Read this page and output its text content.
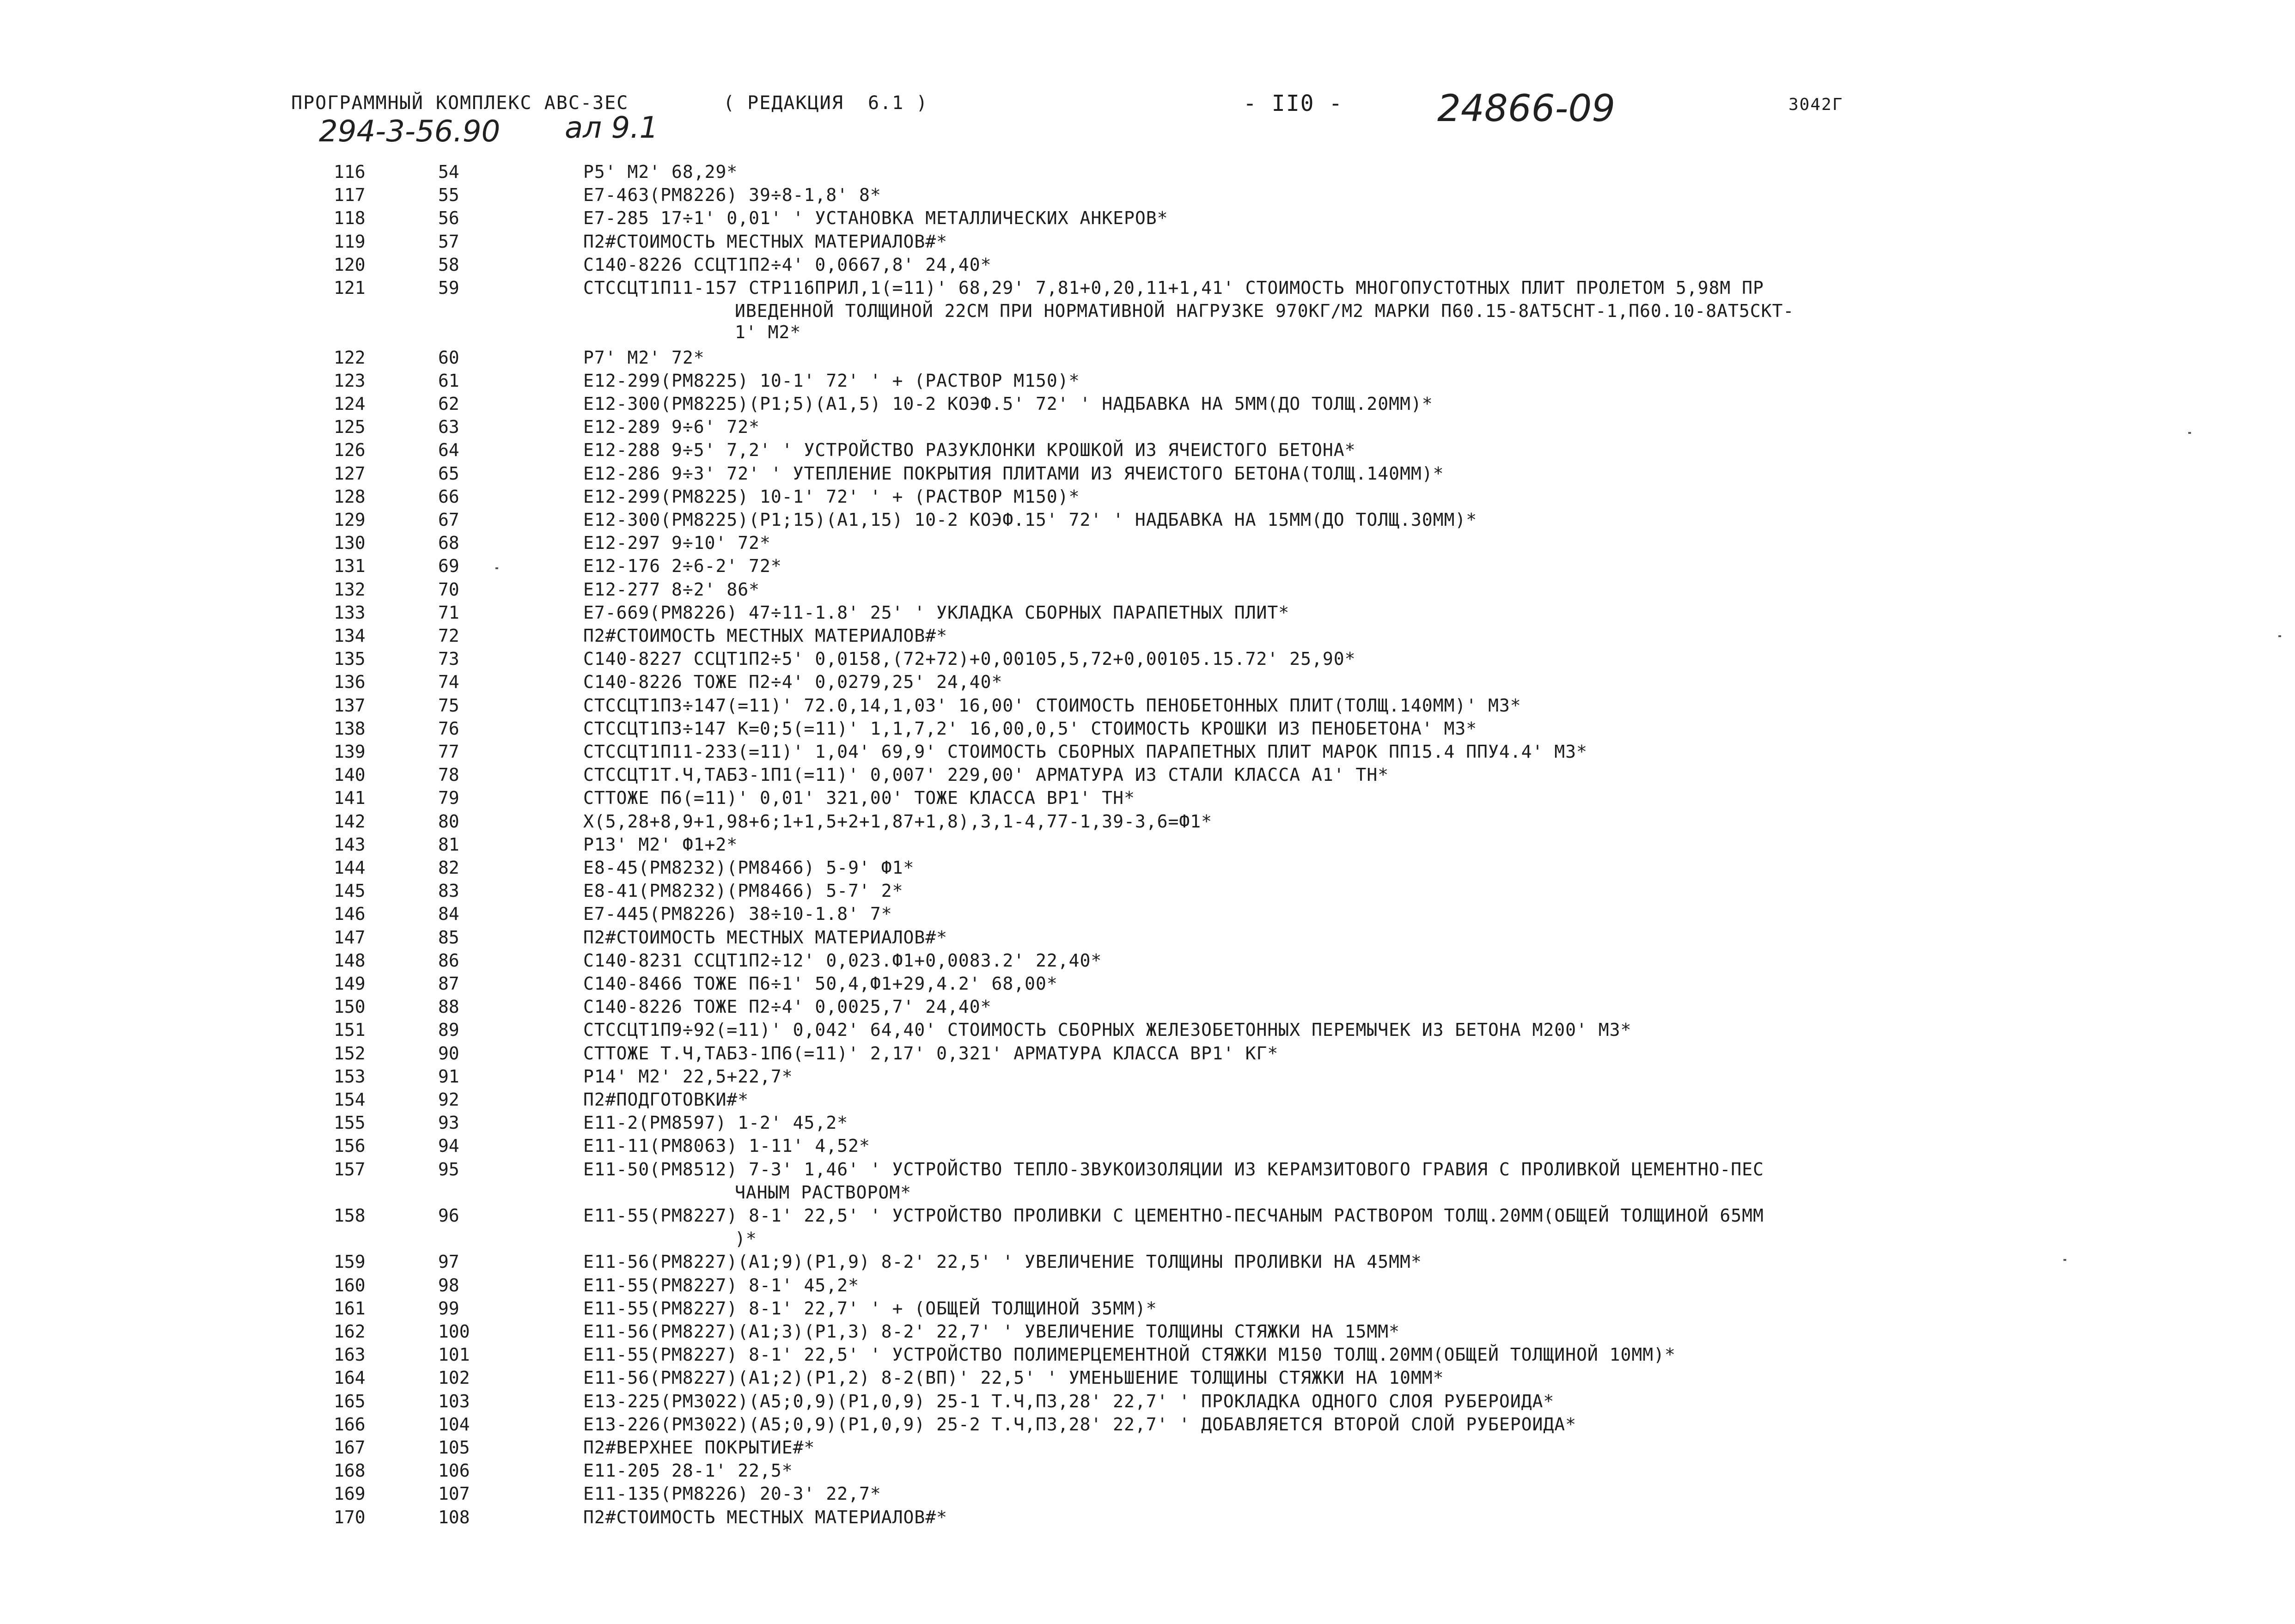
ПРОГРАММНЫЙ КОМПЛЕКС АВС-3ЕС	( РЕДАКЦИЯ  6.1 )	- II0 -	24866-09	3042Г
294-3-56.90 ал 9.1
116	54	Р5' М2' 68,29*
117	55	Е7-463(РМ8226) 39÷8-1,8' 8*
118	56	Е7-285 17÷1' 0,01' ' УСТАНОВКА МЕТАЛЛИЧЕСКИХ АНКЕРОВ*
119	57	П2#СТОИМОСТЬ МЕСТНЫХ МАТЕРИАЛОВ#*
120	58	С140-8226 ССЦТ1П2÷4' 0,0667,8' 24,40*
121	59	СТССЦТ1П11-157 СТР116ПРИЛ,1(=11)' 68,29' 7,81+0,20,11+1,41' СТОИМОСТЬ МНОГОПУСТОТНЫХ ПЛИТ ПРОЛЕТОМ 5,98М ПР
ИВЕДЕННОЙ ТОЛЩИНОЙ 22СМ ПРИ НОРМАТИВНОЙ НАГРУЗКЕ 970КГ/М2 МАРКИ П60.15-8АТ5СНТ-1,П60.10-8АТ5СКТ-
1' М2*
122	60	Р7' М2' 72*
123	61	Е12-299(РМ8225) 10-1' 72' ' + (РАСТВОР М150)*
124	62	Е12-300(РМ8225)(Р1;5)(А1,5) 10-2 КОЭФ.5' 72' ' НАДБАВКА НА 5ММ(ДО ТОЛЩ.20ММ)*
125	63	Е12-289 9÷6' 72*
126	64	Е12-288 9÷5' 7,2' ' УСТРОЙСТВО РАЗУКЛОНКИ КРОШКОЙ ИЗ ЯЧЕИСТОГО БЕТОНА*
127	65	Е12-286 9÷3' 72' ' УТЕПЛЕНИЕ ПОКРЫТИЯ ПЛИТАМИ ИЗ ЯЧЕИСТОГО БЕТОНА(ТОЛЩ.140ММ)*
128	66	Е12-299(РМ8225) 10-1' 72' ' + (РАСТВОР М150)*
129	67	Е12-300(РМ8225)(Р1;15)(А1,15) 10-2 КОЭФ.15' 72' ' НАДБАВКА НА 15ММ(ДО ТОЛЩ.30ММ)*
130	68	Е12-297 9÷10' 72*
131	69	Е12-176 2÷6-2' 72*
132	70	Е12-277 8÷2' 86*
133	71	Е7-669(РМ8226) 47÷11-1.8' 25' ' УКЛАДКА СБОРНЫХ ПАРАПЕТНЫХ ПЛИТ*
134	72	П2#СТОИМОСТЬ МЕСТНЫХ МАТЕРИАЛОВ#*
135	73	С140-8227 ССЦТ1П2÷5' 0,0158,(72+72)+0,00105,5,72+0,00105.15.72' 25,90*
136	74	С140-8226 ТОЖЕ П2÷4' 0,0279,25' 24,40*
137	75	СТССЦТ1П3÷147(=11)' 72.0,14,1,03' 16,00' СТОИМОСТЬ ПЕНОБЕТОННЫХ ПЛИТ(ТОЛЩ.140ММ)' М3*
138	76	СТССЦТ1П3÷147 К=0;5(=11)' 1,1,7,2' 16,00,0,5' СТОИМОСТЬ КРОШКИ ИЗ ПЕНОБЕТОНА' М3*
139	77	СТССЦТ1П11-233(=11)' 1,04' 69,9' СТОИМОСТЬ СБОРНЫХ ПАРАПЕТНЫХ ПЛИТ МАРОК ПП15.4 ППУ4.4' М3*
140	78	СТССЦТ1Т.Ч,ТАБ3-1П1(=11)' 0,007' 229,00' АРМАТУРА ИЗ СТАЛИ КЛАССА А1' ТН*
141	79	СТТОЖЕ П6(=11)' 0,01' 321,00' ТОЖЕ КЛАССА ВР1' ТН*
142	80	Х(5,28+8,9+1,98+6;1+1,5+2+1,87+1,8),3,1-4,77-1,39-3,6=Ф1*
143	81	Р13' М2' Ф1+2*
144	82	Е8-45(РМ8232)(РМ8466) 5-9' Ф1*
145	83	Е8-41(РМ8232)(РМ8466) 5-7' 2*
146	84	Е7-445(РМ8226) 38÷10-1.8' 7*
147	85	П2#СТОИМОСТЬ МЕСТНЫХ МАТЕРИАЛОВ#*
148	86	С140-8231 ССЦТ1П2÷12' 0,023.Ф1+0,0083.2' 22,40*
149	87	С140-8466 ТОЖЕ П6÷1' 50,4,Ф1+29,4.2' 68,00*
150	88	С140-8226 ТОЖЕ П2÷4' 0,0025,7' 24,40*
151	89	СТССЦТ1П9÷92(=11)' 0,042' 64,40' СТОИМОСТЬ СБОРНЫХ ЖЕЛЕЗОБЕТОННЫХ ПЕРЕМЫЧЕК ИЗ БЕТОНА М200' М3*
152	90	СТТОЖЕ Т.Ч,ТАБ3-1П6(=11)' 2,17' 0,321' АРМАТУРА КЛАССА ВР1' КГ*
153	91	Р14' М2' 22,5+22,7*
154	92	П2#ПОДГОТОВКИ#*
155	93	Е11-2(РМ8597) 1-2' 45,2*
156	94	Е11-11(РМ8063) 1-11' 4,52*
157	95	Е11-50(РМ8512) 7-3' 1,46' ' УСТРОЙСТВО ТЕПЛО-ЗВУКОИЗОЛЯЦИИ ИЗ КЕРАМЗИТОВОГО ГРАВИЯ С ПРОЛИВКОЙ ЦЕМЕНТНО-ПЕС
ЧАНЫМ РАСТВОРОМ*
158	96	Е11-55(РМ8227) 8-1' 22,5' ' УСТРОЙСТВО ПРОЛИВКИ С ЦЕМЕНТНО-ПЕСЧАНЫМ РАСТВОРОМ ТОЛЩ.20ММ(ОБЩЕЙ ТОЛЩИНОЙ 65ММ
)*
159	97	Е11-56(РМ8227)(А1;9)(Р1,9) 8-2' 22,5' ' УВЕЛИЧЕНИЕ ТОЛЩИНЫ ПРОЛИВКИ НА 45ММ*
160	98	Е11-55(РМ8227) 8-1' 45,2*
161	99	Е11-55(РМ8227) 8-1' 22,7' ' + (ОБЩЕЙ ТОЛЩИНОЙ 35ММ)*
162	100	Е11-56(РМ8227)(А1;3)(Р1,3) 8-2' 22,7' ' УВЕЛИЧЕНИЕ ТОЛЩИНЫ СТЯЖКИ НА 15ММ*
163	101	Е11-55(РМ8227) 8-1' 22,5' ' УСТРОЙСТВО ПОЛИМЕРЦЕМЕНТНОЙ СТЯЖКИ М150 ТОЛЩ.20ММ(ОБЩЕЙ ТОЛЩИНОЙ 10ММ)*
164	102	Е11-56(РМ8227)(А1;2)(Р1,2) 8-2(ВП)' 22,5' ' УМЕНЬШЕНИЕ ТОЛЩИНЫ СТЯЖКИ НА 10ММ*
165	103	Е13-225(РМ3022)(А5;0,9)(Р1,0,9) 25-1 Т.Ч,П3,28' 22,7' ' ПРОКЛАДКА ОДНОГО СЛОЯ РУБЕРОИДА*
166	104	Е13-226(РМ3022)(А5;0,9)(Р1,0,9) 25-2 Т.Ч,П3,28' 22,7' ' ДОБАВЛЯЕТСЯ ВТОРОЙ СЛОЙ РУБЕРОИДА*
167	105	П2#ВЕРХНЕЕ ПОКРЫТИЕ#*
168	106	Е11-205 28-1' 22,5*
169	107	Е11-135(РМ8226) 20-3' 22,7*
170	108	П2#СТОИМОСТЬ МЕСТНЫХ МАТЕРИАЛОВ#*
